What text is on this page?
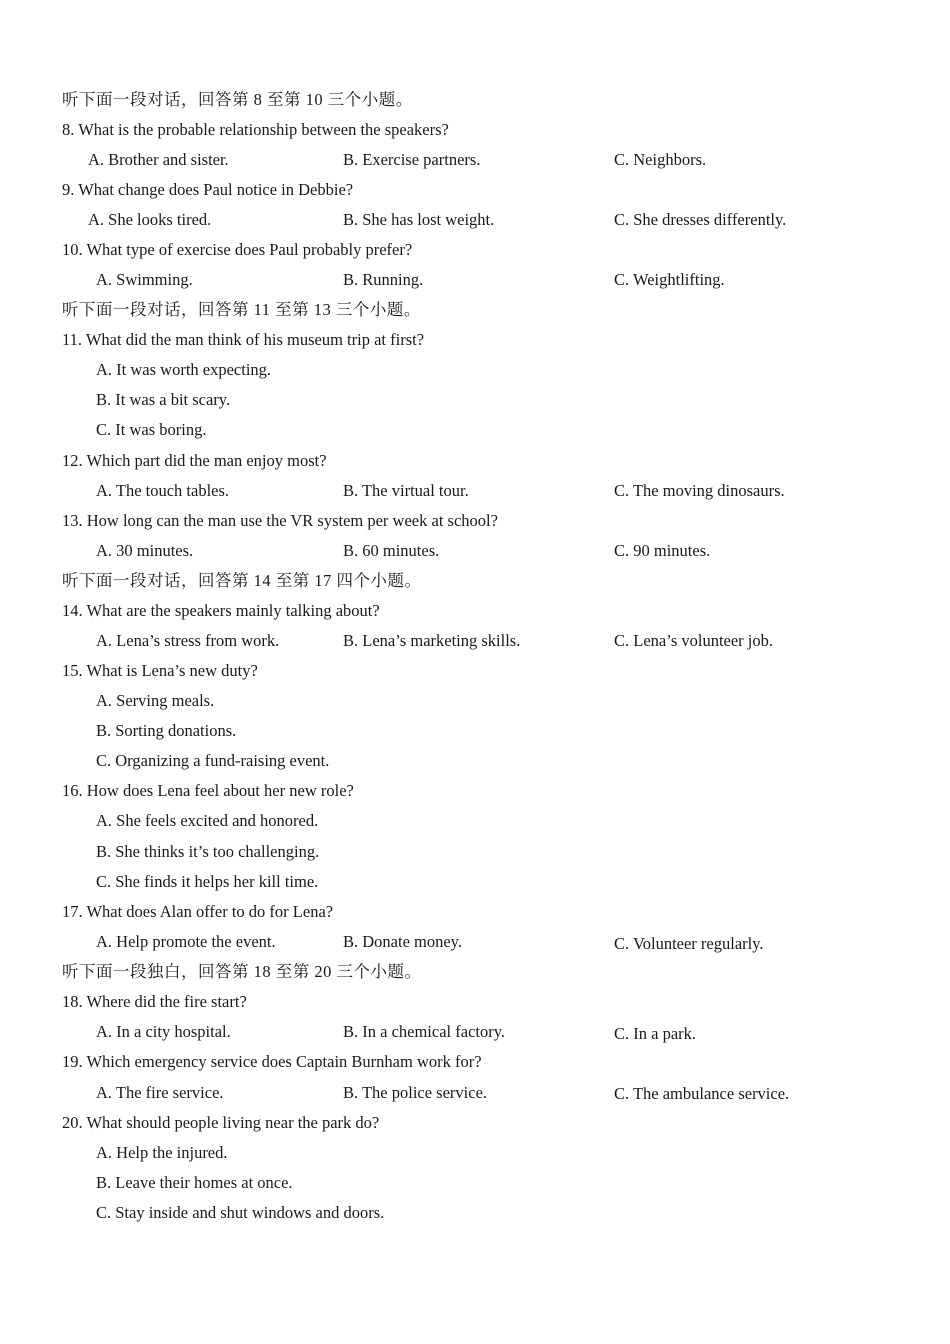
听下面一段对话，回答第 8 至第 10 三个小题。
8. What is the probable relationship between the speakers?
A. Brother and sister.	B. Exercise partners.	C. Neighbors.
9. What change does Paul notice in Debbie?
A. She looks tired.	B. She has lost weight.	C. She dresses differently.
10. What type of exercise does Paul probably prefer?
A. Swimming.	B. Running.	C. Weightlifting.
听下面一段对话，回答第 11 至第 13 三个小题。
11. What did the man think of his museum trip at first?
A. It was worth expecting.
B. It was a bit scary.
C. It was boring.
12. Which part did the man enjoy most?
A. The touch tables.	B. The virtual tour.	C. The moving dinosaurs.
13. How long can the man use the VR system per week at school?
A. 30 minutes.	B. 60 minutes.	C. 90 minutes.
听下面一段对话，回答第 14 至第 17 四个小题。
14. What are the speakers mainly talking about?
A. Lena’s stress from work.	B. Lena’s marketing skills.	C. Lena’s volunteer job.
15. What is Lena’s new duty?
A. Serving meals.
B. Sorting donations.
C. Organizing a fund-raising event.
16. How does Lena feel about her new role?
A. She feels excited and honored.
B. She thinks it’s too challenging.
C. She finds it helps her kill time.
17. What does Alan offer to do for Lena?
A. Help promote the event.	B. Donate money.	C. Volunteer regularly.
听下面一段独白，回答第 18 至第 20 三个小题。
18. Where did the fire start?
A. In a city hospital.	B. In a chemical factory.	C. In a park.
19. Which emergency service does Captain Burnham work for?
A. The fire service.	B. The police service.	C. The ambulance service.
20. What should people living near the park do?
A. Help the injured.
B. Leave their homes at once.
C. Stay inside and shut windows and doors.
